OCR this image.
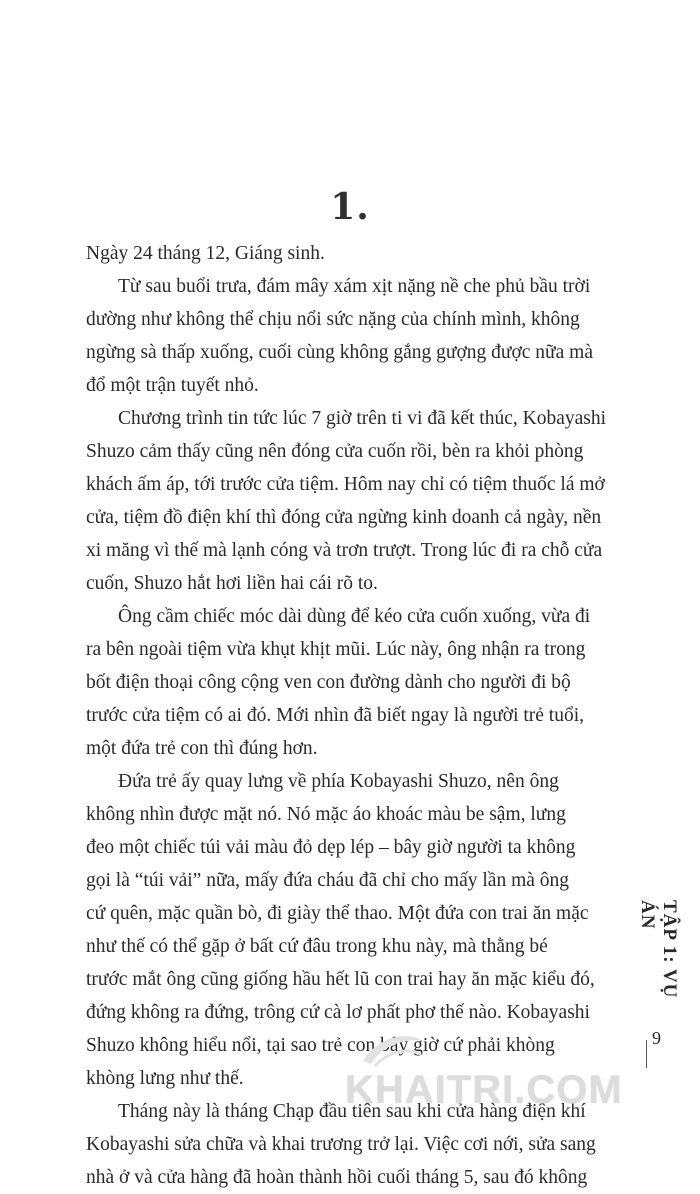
1.
Ngày 24 tháng 12, Giáng sinh.
Từ sau buổi trưa, đám mây xám xịt nặng nề che phủ bầu trời
dường như không thể chịu nổi sức nặng của chính mình, không
ngừng sà thấp xuống, cuối cùng không gắng gượng được nữa mà
đổ một trận tuyết nhỏ.
Chương trình tin tức lúc 7 giờ trên ti vi đã kết thúc, Kobayashi
Shuzo cảm thấy cũng nên đóng cửa cuốn rồi, bèn ra khỏi phòng
khách ấm áp, tới trước cửa tiệm. Hôm nay chỉ có tiệm thuốc lá mở
cửa, tiệm đồ điện khí thì đóng cửa ngừng kinh doanh cả ngày, nền
xi măng vì thế mà lạnh cóng và trơn trượt. Trong lúc đi ra chỗ cửa
cuốn, Shuzo hắt hơi liền hai cái rõ to.
Ông cầm chiếc móc dài dùng để kéo cửa cuốn xuống, vừa đi
ra bên ngoài tiệm vừa khụt khịt mũi. Lúc này, ông nhận ra trong
bốt điện thoại công cộng ven con đường dành cho người đi bộ
trước cửa tiệm có ai đó. Mới nhìn đã biết ngay là người trẻ tuổi,
một đứa trẻ con thì đúng hơn.
Đứa trẻ ấy quay lưng về phía Kobayashi Shuzo, nên ông
không nhìn được mặt nó. Nó mặc áo khoác màu be sậm, lưng
đeo một chiếc túi vải màu đỏ dẹp lép – bây giờ người ta không
gọi là “túi vải” nữa, mấy đứa cháu đã chỉ cho mấy lần mà ông
cứ quên, mặc quần bò, đi giày thể thao. Một đứa con trai ăn mặc
như thế có thể gặp ở bất cứ đâu trong khu này, mà thằng bé
trước mắt ông cũng giống hầu hết lũ con trai hay ăn mặc kiểu đó,
đứng không ra đứng, trông cứ cà lơ phất phơ thế nào. Kobayashi
Shuzo không hiểu nổi, tại sao trẻ con bây giờ cứ phải khòng
khòng lưng như thế.
Tháng này là tháng Chạp đầu tiên sau khi cửa hàng điện khí
Kobayashi sửa chữa và khai trương trở lại. Việc cơi nới, sửa sang
nhà ở và cửa hàng đã hoàn thành hồi cuối tháng 5, sau đó không
TẬP 1: VỤ ÁN
9
KHAITRI.COM
